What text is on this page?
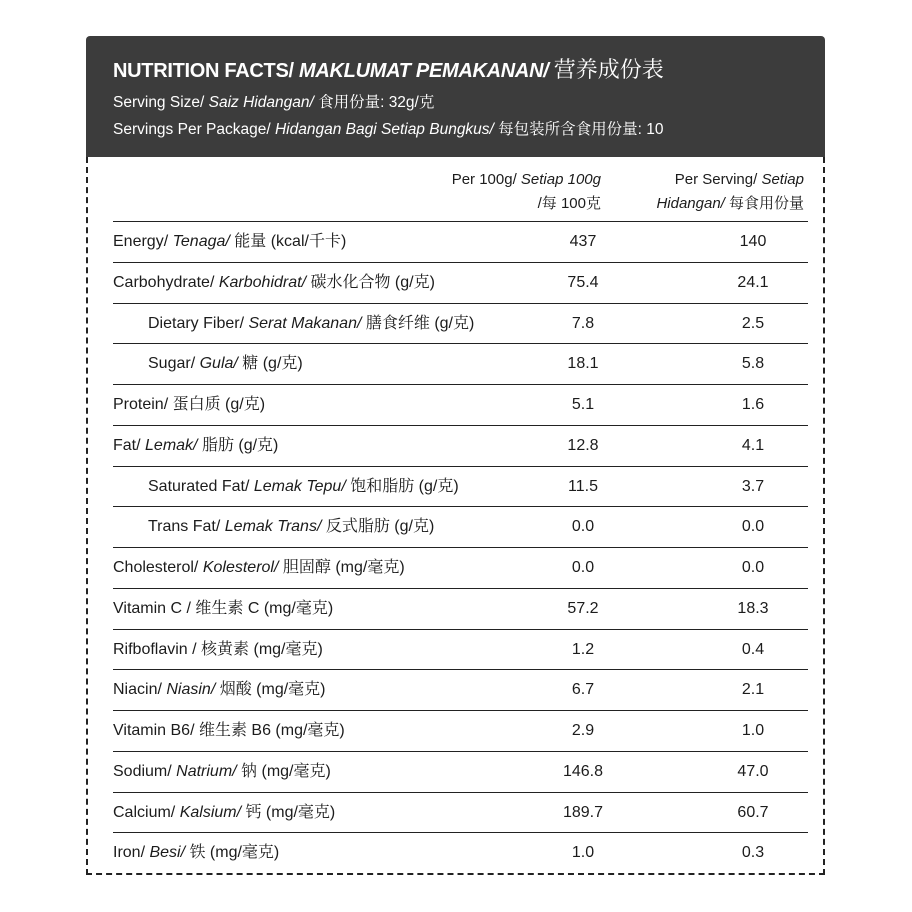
NUTRITION FACTS/ MAKLUMAT PEMAKANAN/ 营养成份表
Serving Size/ Saiz Hidangan/ 食用份量: 32g/克
Servings Per Package/ Hidangan Bagi Setiap Bungkus/ 每包装所含食用份量: 10
Per 100g/ Setiap 100g
/每 100克
Per Serving/ Setiap
Hidangan/ 每食用份量
Energy/ Tenaga/ 能量 (kcal/千卡)	437	140
Carbohydrate/ Karbohidrat/ 碳水化合物 (g/克)	75.4	24.1
Dietary Fiber/ Serat Makanan/ 膳食纤维 (g/克)	7.8	2.5
Sugar/ Gula/ 糖 (g/克)	18.1	5.8
Protein/ 蛋白质 (g/克)	5.1	1.6
Fat/ Lemak/ 脂肪 (g/克)	12.8	4.1
Saturated Fat/ Lemak Tepu/ 饱和脂肪 (g/克)	11.5	3.7
Trans Fat/ Lemak Trans/ 反式脂肪 (g/克)	0.0	0.0
Cholesterol/ Kolesterol/ 胆固醇 (mg/毫克)	0.0	0.0
Vitamin C / 维生素 C (mg/毫克)	57.2	18.3
Rifboflavin / 核黄素 (mg/毫克)	1.2	0.4
Niacin/ Niasin/ 烟酸 (mg/毫克)	6.7	2.1
Vitamin B6/ 维生素 B6 (mg/毫克)	2.9	1.0
Sodium/ Natrium/ 钠 (mg/毫克)	146.8	47.0
Calcium/ Kalsium/ 钙 (mg/毫克)	189.7	60.7
Iron/ Besi/ 铁 (mg/毫克)	1.0	0.3
